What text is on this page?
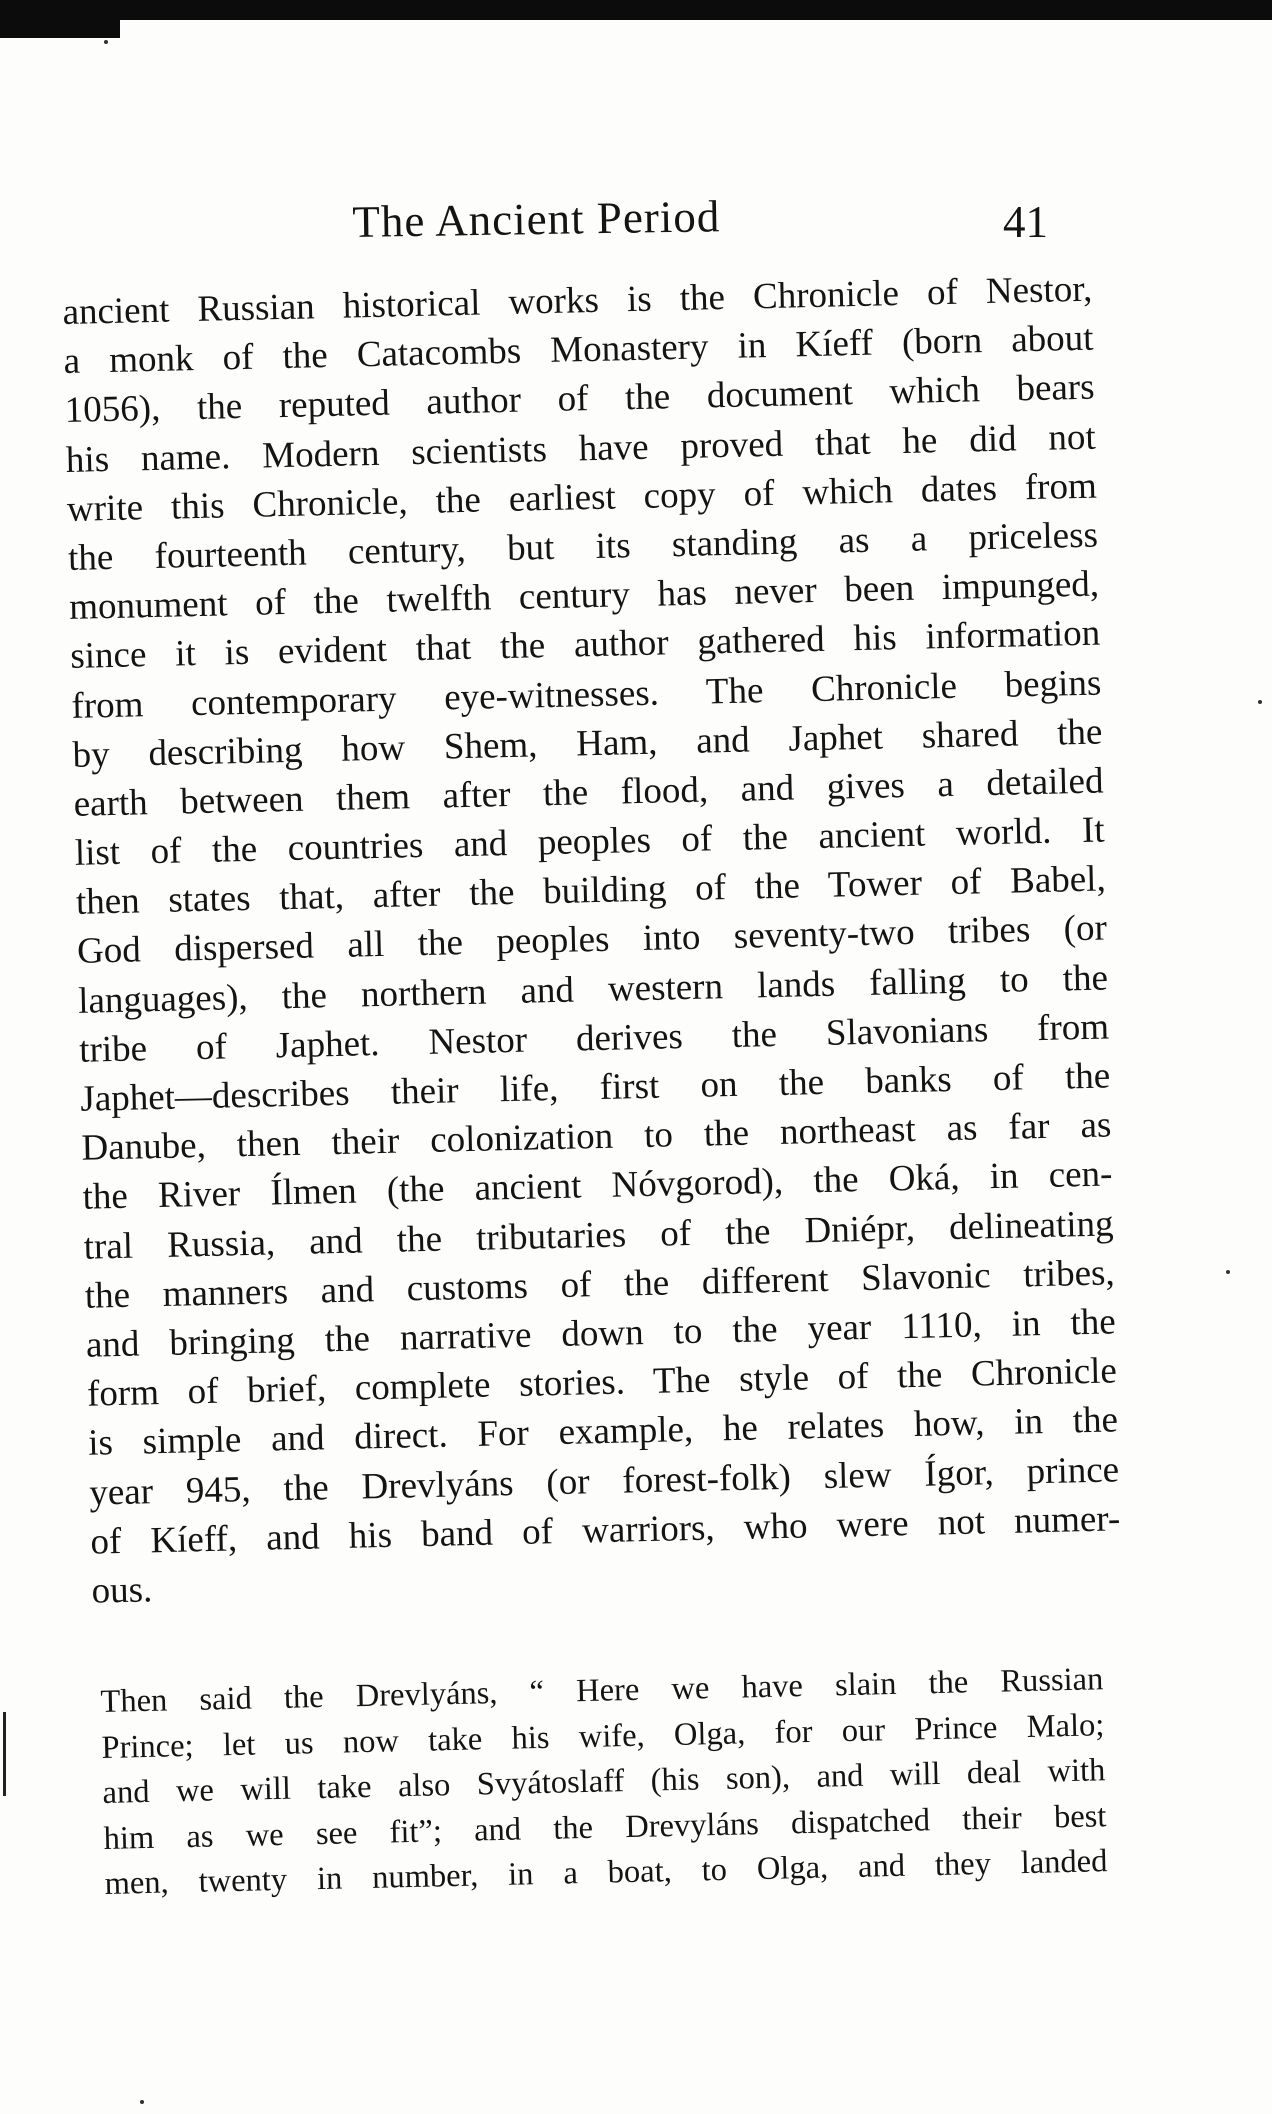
The Ancient Period	41
ancient Russian historical works is the Chronicle of Nestor,
a monk of the Catacombs Monastery in Kíeff (born about
1056), the reputed author of the document which bears
his name. Modern scientists have proved that he did not
write this Chronicle, the earliest copy of which dates from
the fourteenth century, but its standing as a priceless
monument of the twelfth century has never been impunged,
since it is evident that the author gathered his information
from contemporary eye-witnesses. The Chronicle begins
by describing how Shem, Ham, and Japhet shared the
earth between them after the flood, and gives a detailed
list of the countries and peoples of the ancient world. It
then states that, after the building of the Tower of Babel,
God dispersed all the peoples into seventy-two tribes (or
languages), the northern and western lands falling to the
tribe of Japhet. Nestor derives the Slavonians from
Japhet—describes their life, first on the banks of the
Danube, then their colonization to the northeast as far as
the River Ílmen (the ancient Nóvgorod), the Oká, in cen-
tral Russia, and the tributaries of the Dniépr, delineating
the manners and customs of the different Slavonic tribes,
and bringing the narrative down to the year 1110, in the
form of brief, complete stories. The style of the Chronicle
is simple and direct. For example, he relates how, in the
year 945, the Drevlyáns (or forest-folk) slew Ígor, prince
of Kíeff, and his band of warriors, who were not numer-
ous.
Then said the Drevlyáns, “ Here we have slain the Russian
Prince; let us now take his wife, Olga, for our Prince Malo;
and we will take also Svyátoslaff (his son), and will deal with
him as we see fit”; and the Drevyláns dispatched their best
men, twenty in number, in a boat, to Olga, and they landed
